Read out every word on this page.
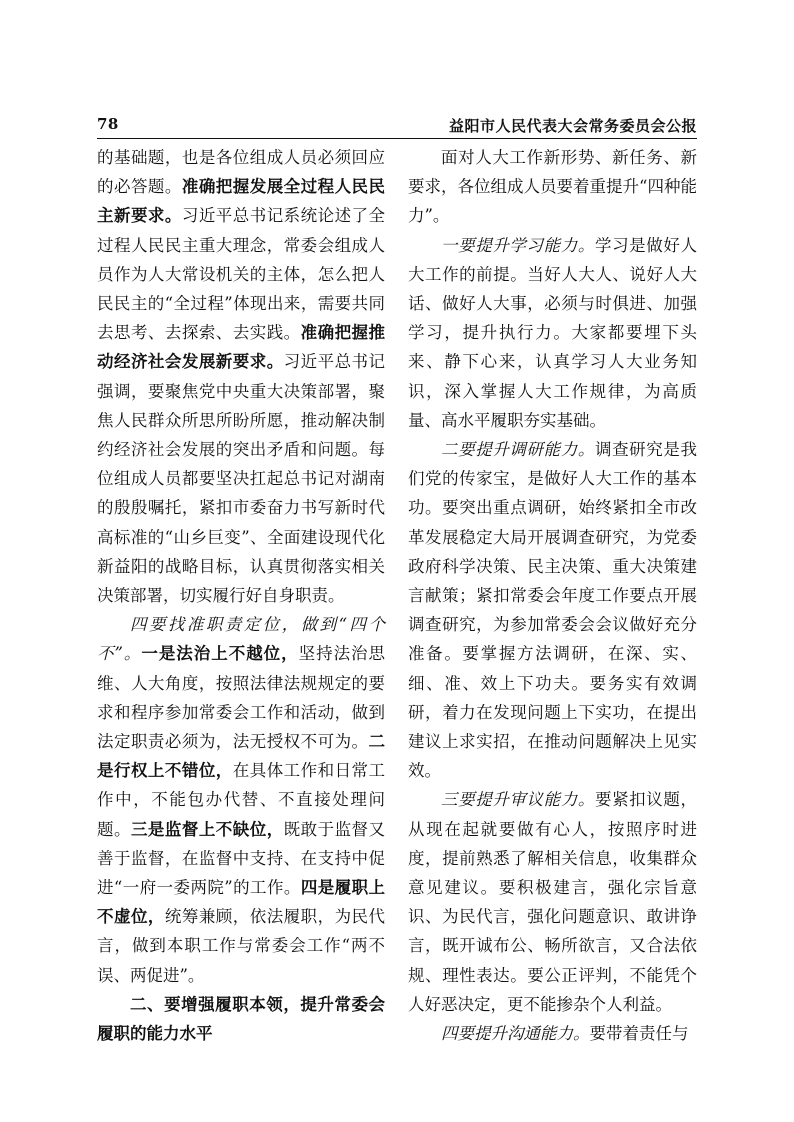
78	益阳市人民代表大会常务委员会公报

的基础题，也是各位组成人员必须回应的必答题。准确把握发展全过程人民民主新要求。习近平总书记系统论述了全过程人民民主重大理念，常委会组成人员作为人大常设机关的主体，怎么把人民民主的“全过程”体现出来，需要共同去思考、去探索、去实践。准确把握推动经济社会发展新要求。习近平总书记强调，要聚焦党中央重大决策部署，聚焦人民群众所思所盼所愿，推动解决制约经济社会发展的突出矛盾和问题。每位组成人员都要坚决扛起总书记对湖南的殷殷嘱托，紧扣市委奋力书写新时代高标准的“山乡巨变”、全面建设现代化新益阳的战略目标，认真贯彻落实相关决策部署，切实履行好自身职责。

四要找准职责定位，做到“四个不”。一是法治上不越位，坚持法治思维、人大角度，按照法律法规规定的要求和程序参加常委会工作和活动，做到法定职责必须为，法无授权不可为。二是行权上不错位，在具体工作和日常工作中，不能包办代替、不直接处理问题。三是监督上不缺位，既敢于监督又善于监督，在监督中支持、在支持中促进“一府一委两院”的工作。四是履职上不虚位，统筹兼顾，依法履职，为民代言，做到本职工作与常委会工作“两不误、两促进”。

二、要增强履职本领，提升常委会履职的能力水平

面对人大工作新形势、新任务、新要求，各位组成人员要着重提升“四种能力”。

一要提升学习能力。学习是做好人大工作的前提。当好人大人、说好人大话、做好人大事，必须与时俱进、加强学习，提升执行力。大家都要埋下头来、静下心来，认真学习人大业务知识，深入掌握人大工作规律，为高质量、高水平履职夯实基础。

二要提升调研能力。调查研究是我们党的传家宝，是做好人大工作的基本功。要突出重点调研，始终紧扣全市改革发展稳定大局开展调查研究，为党委政府科学决策、民主决策、重大决策建言献策；紧扣常委会年度工作要点开展调查研究，为参加常委会会议做好充分准备。要掌握方法调研，在深、实、细、准、效上下功夫。要务实有效调研，着力在发现问题上下实功，在提出建议上求实招，在推动问题解决上见实效。

三要提升审议能力。要紧扣议题，从现在起就要做有心人，按照序时进度，提前熟悉了解相关信息，收集群众意见建议。要积极建言，强化宗旨意识、为民代言，强化问题意识、敢讲诤言，既开诚布公、畅所欲言，又合法依规、理性表达。要公正评判，不能凭个人好恶决定，更不能掺杂个人利益。

四要提升沟通能力。要带着责任与
